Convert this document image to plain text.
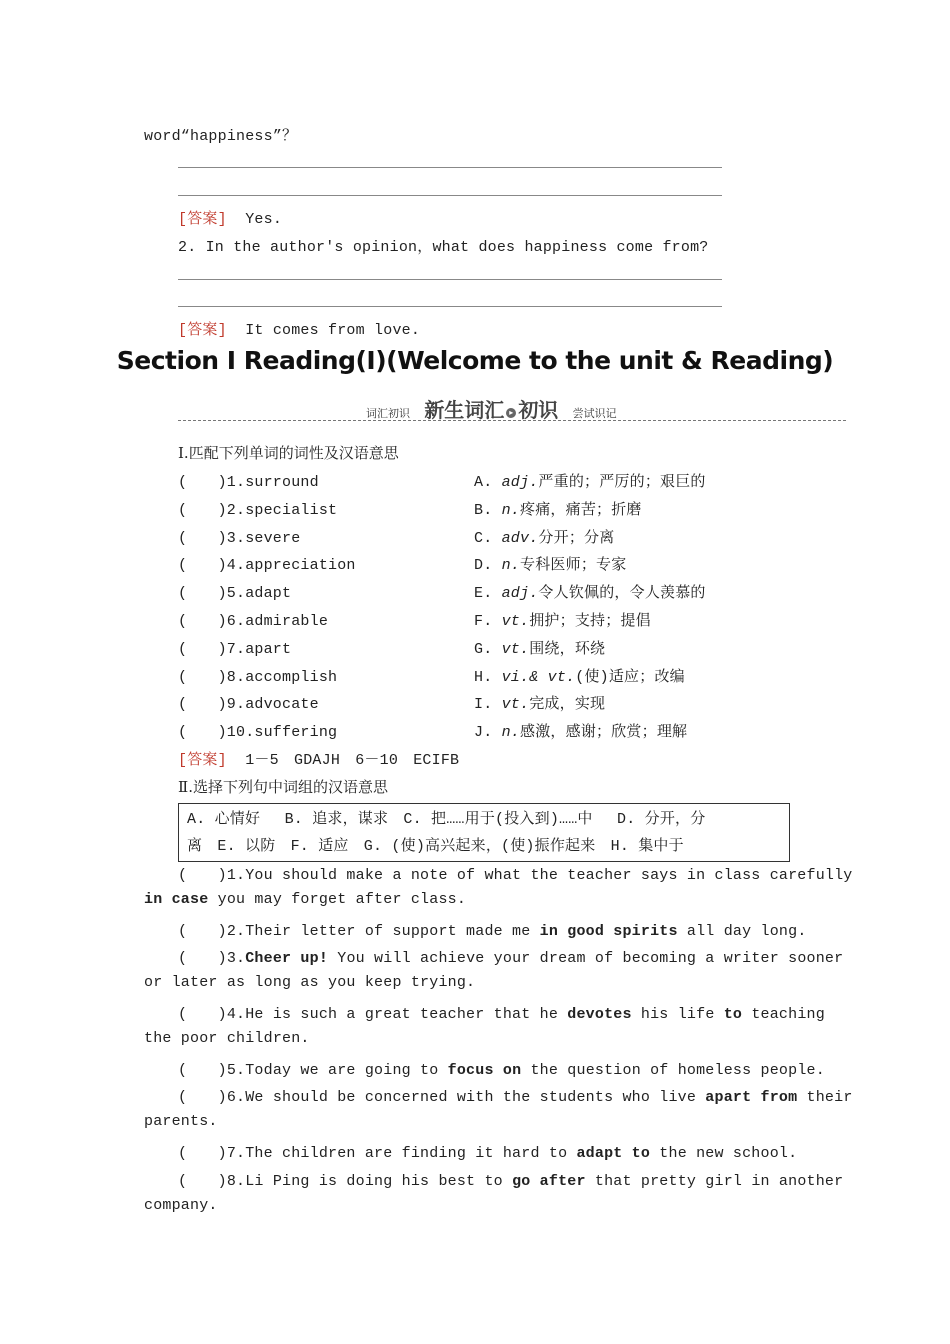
word“happiness”？
[答案] Yes.
2. In the author's opinion，what does happiness come from?
[答案] It comes from love.
Section Ⅰ Reading(Ⅰ)(Welcome to the unit & Reading)
词汇初识 新生词汇 ▸ 初识 尝试识记
Ⅰ.匹配下列单词的词性及汉语意思
(　　)1.surround
(　　)2.specialist
(　　)3.severe
(　　)4.appreciation
(　　)5.adapt
(　　)6.admirable
(　　)7.apart
(　　)8.accomplish
(　　)9.advocate
(　　)10.suffering
A. adj.严重的；严厉的；艰巨的
B. n.疼痛，痛苦；折磨
C. adv.分开；分离
D. n.专科医师；专家
E. adj.令人钦佩的，令人羡慕的
F. vt.拥护；支持；提倡
G. vt.围绕，环绕
H. vi.& vt.(使)适应；改编
I. vt.完成，实现
J. n.感激，感谢；欣赏；理解
[答案] 1－5　GDAJH　6－10　ECIFB
Ⅱ.选择下列句中词组的汉语意思
A. 心情好　 B. 追求，谋求　C. 把……用于(投入到)……中　 D. 分开，分
离　E. 以防　F. 适应　G. (使)高兴起来，(使)振作起来　H. 集中于
(　　)1.You should make a note of what the teacher says in class carefully
in case you may forget after class.
(　　)2.Their letter of support made me in good spirits all day long.
(　　)3.Cheer up! You will achieve your dream of becoming a writer sooner
or later as long as you keep trying.
(　　)4.He is such a great teacher that he devotes his life to teaching
the poor children.
(　　)5.Today we are going to focus on the question of homeless people.
(　　)6.We should be concerned with the students who live apart from their
parents.
(　　)7.The children are finding it hard to adapt to the new school.
(　　)8.Li Ping is doing his best to go after that pretty girl in another
company.
